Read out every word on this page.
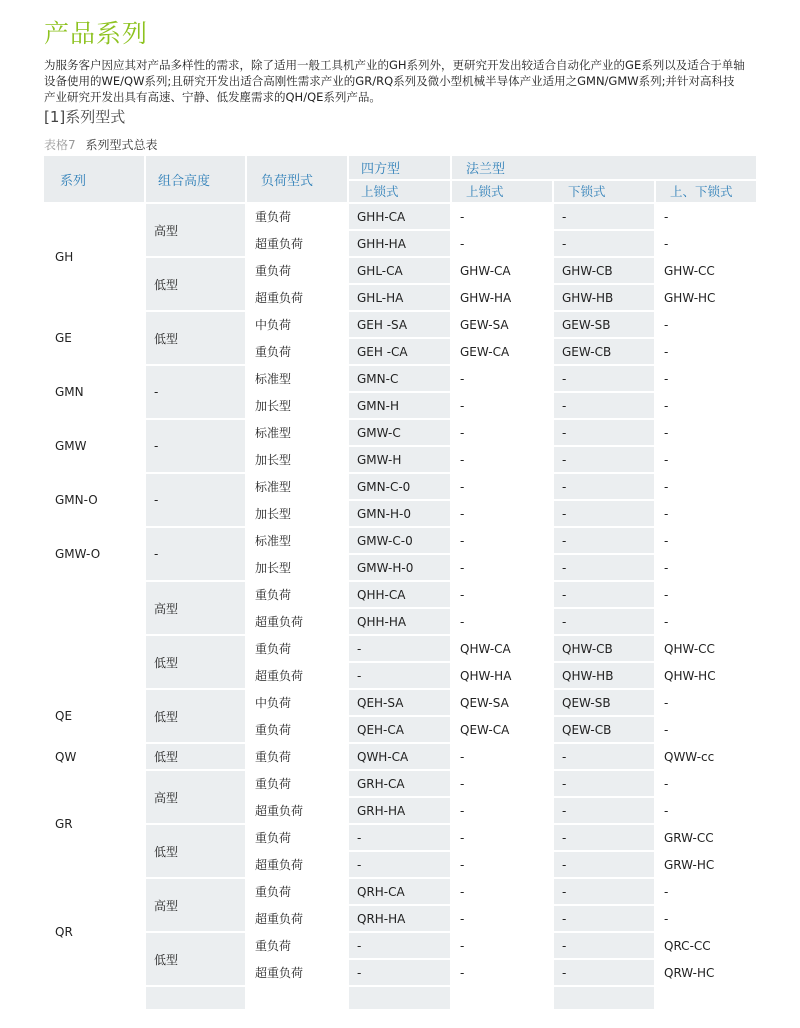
产品系列

为服务客户因应其对产品多样性的需求，除了适用一般工具机产业的GH系列外，更研究开发出较适合自动化产业的GE系列以及适合于单轴

设备使用的WE/QW系列;且研究开发出适合高刚性需求产业的GR/RQ系列及微小型机械半导体产业适用之GMN/GMW系列;并针对高科技

产业研究开发出具有高速、宁静、低发塵需求的QH/QE系列产品。

[1]系列型式
表格7 系列型式总表
系列	组合高度	负荷型式	四方型	法兰型		
			上锁式	上锁式	下锁式	上、下锁式
GH	高型	重负荷	GHH-CA	-	-	-
		超重负荷	GHH-HA	-	-	-
	低型	重负荷	GHL-CA	GHW-CA	GHW-CB	GHW-CC
		超重负荷	GHL-HA	GHW-HA	GHW-HB	GHW-HC
GE	低型	中负荷	GEH -SA	GEW-SA	GEW-SB	-
		重负荷	GEH -CA	GEW-CA	GEW-CB	-
GMN	-	标准型	GMN-C	-	-	-
		加长型	GMN-H	-	-	-
GMW	-	标准型	GMW-C	-	-	-
		加长型	GMW-H	-	-	-
GMN-O	-	标准型	GMN-C-0	-	-	-
		加长型	GMN-H-0	-	-	-
GMW-O	-	标准型	GMW-C-0	-	-	-
		加长型	GMW-H-0	-	-	-
	高型	重负荷	QHH-CA	-	-	-
		超重负荷	QHH-HA	-	-	-
	低型	重负荷	-	QHW-CA	QHW-CB	QHW-CC
		超重负荷	-	QHW-HA	QHW-HB	QHW-HC
QE	低型	中负荷	QEH-SA	QEW-SA	QEW-SB	-
		重负荷	QEH-CA	QEW-CA	QEW-CB	-
QW	低型	重负荷	QWH-CA	-	-	QWW-cc
GR	高型	重负荷	GRH-CA	-	-	-
		超重负荷	GRH-HA	-	-	-
	低型	重负荷	-	-	-	GRW-CC
		超重负荷	-	-	-	GRW-HC
QR	高型	重负荷	QRH-CA	-	-	-
		超重负荷	QRH-HA	-	-	-
	低型	重负荷	-	-	-	QRC-CC
		超重负荷	-	-	-	QRW-HC
